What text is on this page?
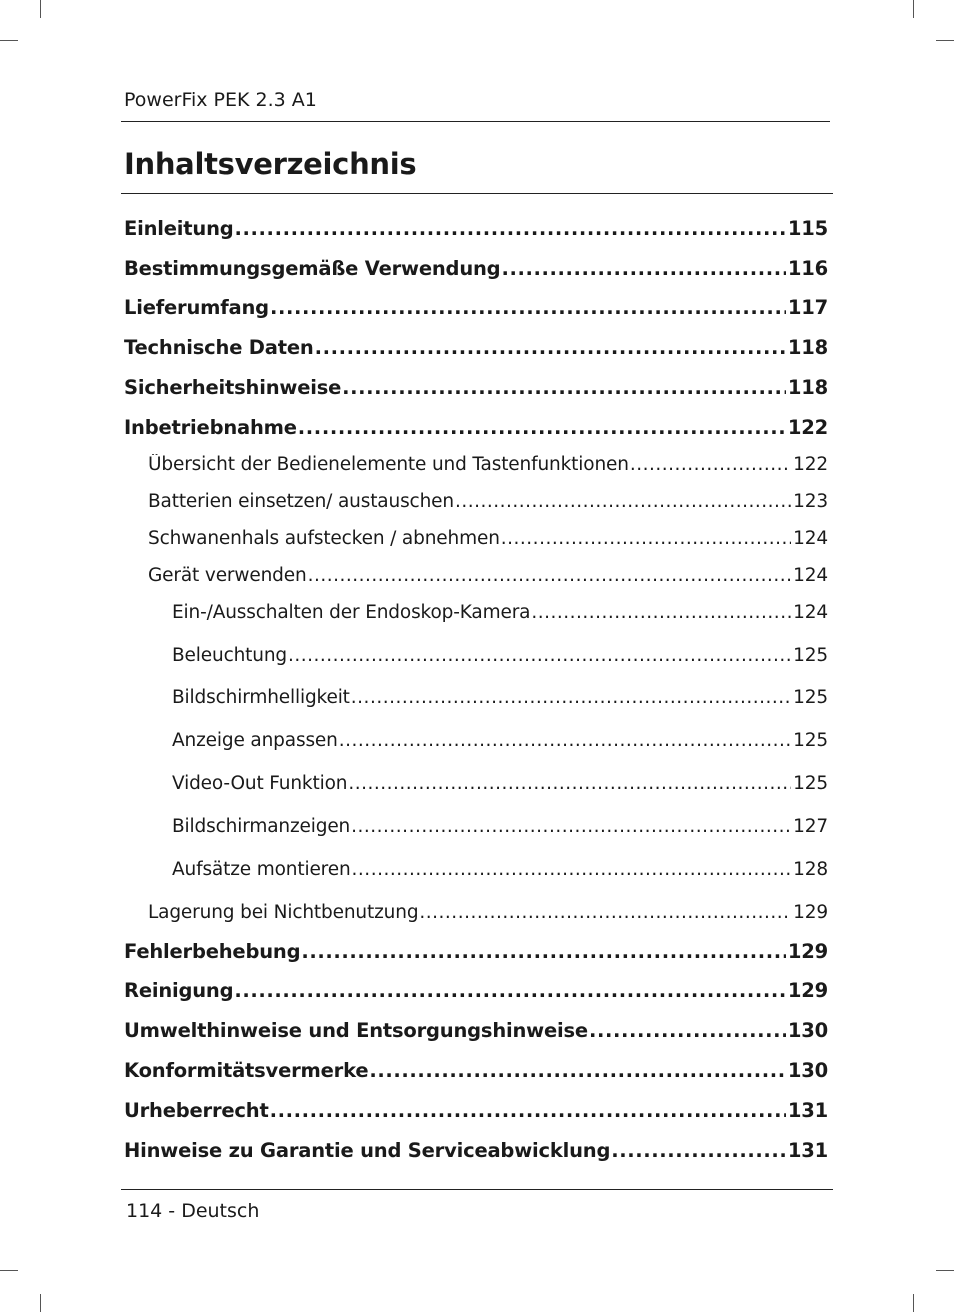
PowerFix PEK 2.3 A1
Inhaltsverzeichnis
Einleitung .....	115
Bestimmungsgemäße Verwendung .....	116
Lieferumfang .....	117
Technische Daten .....	118
Sicherheitshinweise .....	118
Inbetriebnahme .....	122
Übersicht der Bedienelemente und Tastenfunktionen .....	122
Batterien einsetzen/ austauschen .....	123
Schwanenhals aufstecken / abnehmen .....	124
Gerät verwenden .....	124
Ein-/Ausschalten der Endoskop-Kamera .....	124
Beleuchtung .....	125
Bildschirmhelligkeit .....	125
Anzeige anpassen .....	125
Video-Out Funktion .....	125
Bildschirmanzeigen .....	127
Aufsätze montieren .....	128
Lagerung bei Nichtbenutzung .....	129
Fehlerbehebung .....	129
Reinigung .....	129
Umwelthinweise und Entsorgungshinweise .....	130
Konformitätsvermerke .....	130
Urheberrecht .....	131
Hinweise zu Garantie und Serviceabwicklung .....	131
114 - Deutsch
